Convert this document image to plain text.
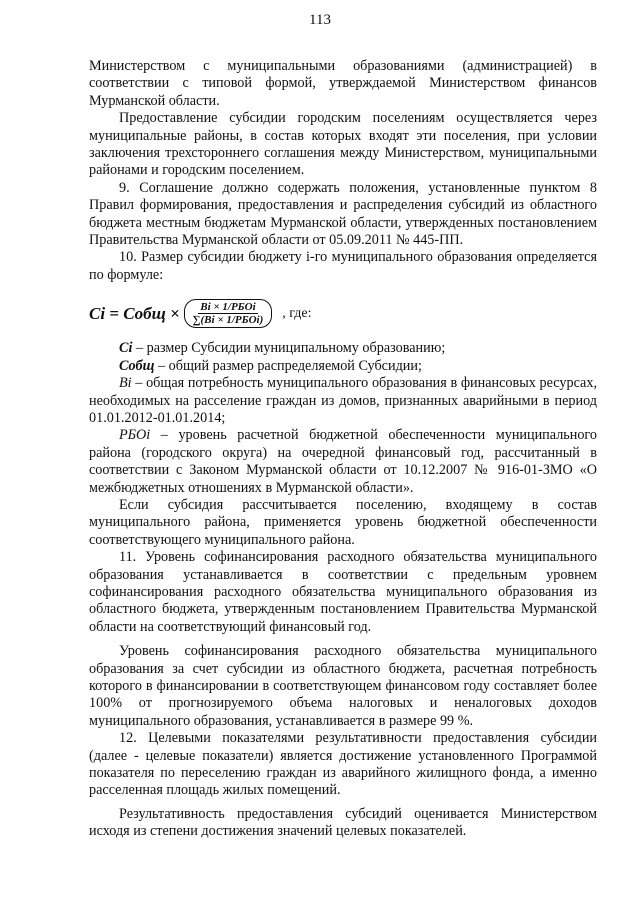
113

Министерством с муниципальными образованиями (администрацией) в соответствии с типовой формой, утверждаемой Министерством финансов Мурманской области.

Предоставление субсидии городским поселениям осуществляется через муниципальные районы, в состав которых входят эти поселения, при условии заключения трехстороннего соглашения между Министерством, муниципальными районами и городским поселением.

9. Соглашение должно содержать положения, установленные пунктом 8 Правил формирования, предоставления и распределения субсидий из областного бюджета местным бюджетам Мурманской области, утвержденных постановлением Правительства Мурманской области от 05.09.2011 № 445-ПП.

10. Размер субсидии бюджету i-го муниципального образования определяется по формуле:

Ci = Cобщ × Bi × 1/РБОi
∑(Bi × 1/РБОi) , где:

Ci – размер Субсидии муниципальному образованию;

Cобщ – общий размер распределяемой Субсидии;

Bi – общая потребность муниципального образования в финансовых ресурсах, необходимых на расселение граждан из домов, признанных аварийными в период 01.01.2012-01.01.2014;

РБОi – уровень расчетной бюджетной обеспеченности муниципального района (городского округа) на очередной финансовый год, рассчитанный в соответствии с Законом Мурманской области от 10.12.2007 № 916-01-ЗМО «О межбюджетных отношениях в Мурманской области».

Если субсидия рассчитывается поселению, входящему в состав муниципального района, применяется уровень бюджетной обеспеченности соответствующего муниципального района.

11. Уровень софинансирования расходного обязательства муниципального образования устанавливается в соответствии с предельным уровнем софинансирования расходного обязательства муниципального образования из областного бюджета, утвержденным постановлением Правительства Мурманской области на соответствующий финансовый год.

Уровень софинансирования расходного обязательства муниципального образования за счет субсидии из областного бюджета, расчетная потребность которого в финансировании в соответствующем финансовом году составляет более 100% от прогнозируемого объема налоговых и неналоговых доходов муниципального образования, устанавливается в размере 99 %.

12. Целевыми показателями результативности предоставления субсидии (далее - целевые показатели) является достижение установленного Программой показателя по переселению граждан из аварийного жилищного фонда, а именно расселенная площадь жилых помещений.

Результативность предоставления субсидий оценивается Министерством исходя из степени достижения значений целевых показателей.
